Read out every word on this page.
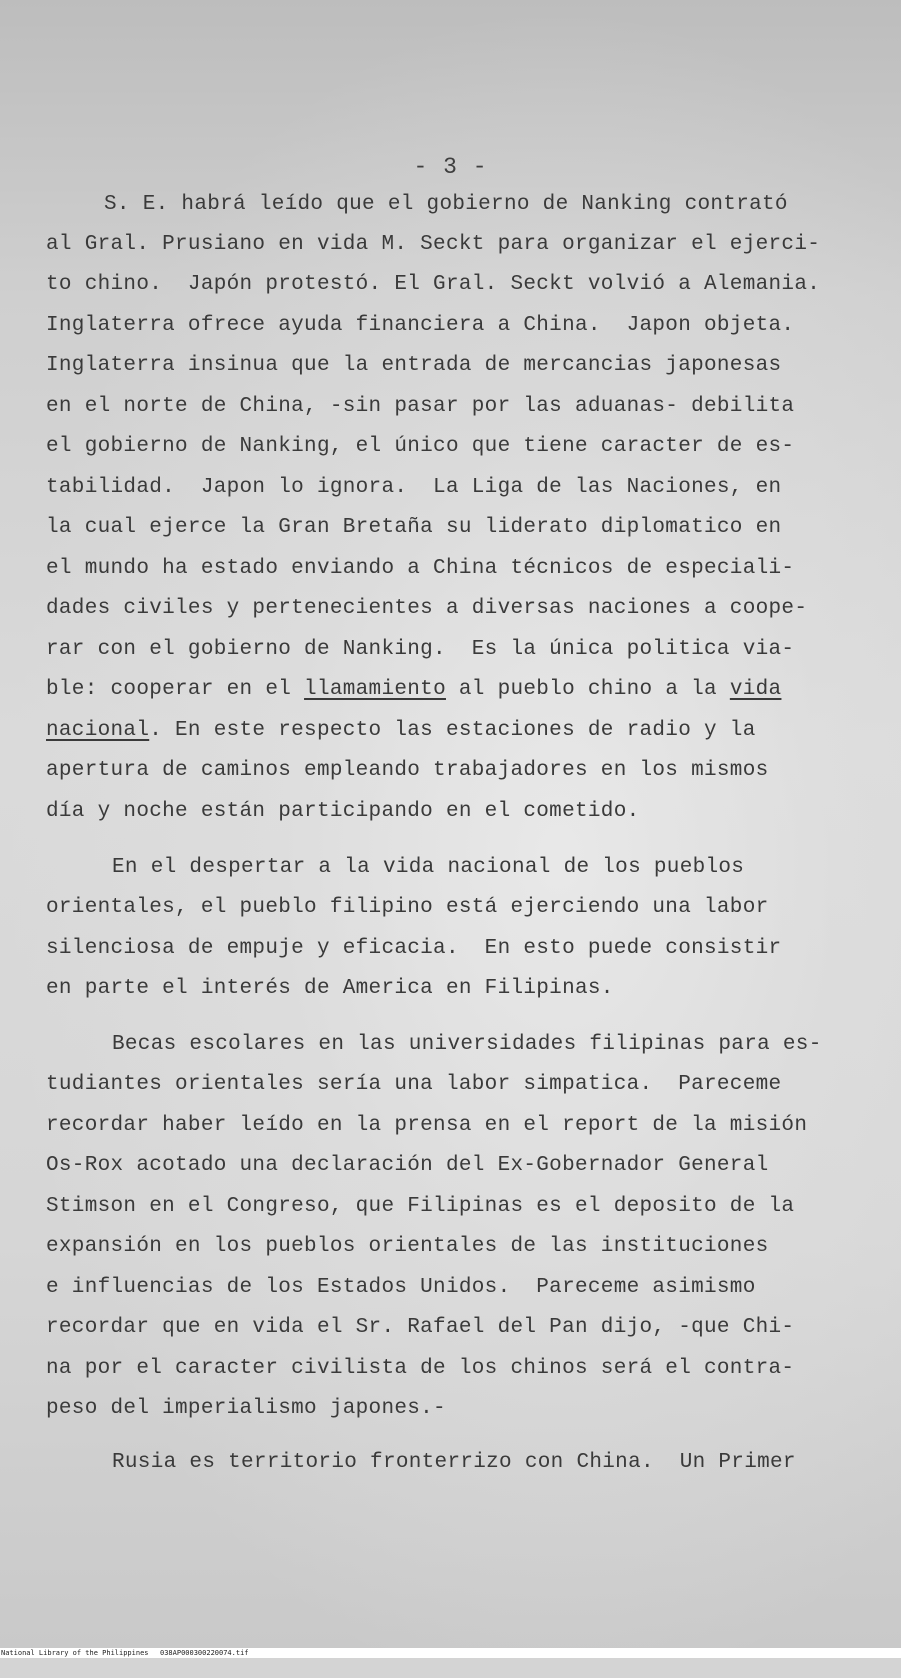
- 3 -

S. E. habrá leído que el gobierno de Nanking contrató

al Gral. Prusiano en vida M. Seckt para organizar el ejerci-

to chino.  Japón protestó. El Gral. Seckt volvió a Alemania.

Inglaterra ofrece ayuda financiera a China.  Japon objeta.

Inglaterra insinua que la entrada de mercancias japonesas

en el norte de China, -sin pasar por las aduanas- debilita

el gobierno de Nanking, el único que tiene caracter de es-

tabilidad.  Japon lo ignora.  La Liga de las Naciones, en

la cual ejerce la Gran Bretaña su liderato diplomatico en

el mundo ha estado enviando a China técnicos de especiali-

dades civiles y pertenecientes a diversas naciones a coope-

rar con el gobierno de Nanking.  Es la única politica via-

ble: cooperar en el llamamiento al pueblo chino a la vida

nacional. En este respecto las estaciones de radio y la

apertura de caminos empleando trabajadores en los mismos

día y noche están participando en el cometido.

En el despertar a la vida nacional de los pueblos

orientales, el pueblo filipino está ejerciendo una labor

silenciosa de empuje y eficacia.  En esto puede consistir

en parte el interés de America en Filipinas.

Becas escolares en las universidades filipinas para es-

tudiantes orientales sería una labor simpatica.  Pareceme

recordar haber leído en la prensa en el report de la misión

Os-Rox acotado una declaración del Ex-Gobernador General

Stimson en el Congreso, que Filipinas es el deposito de la

expansión en los pueblos orientales de las instituciones

e influencias de los Estados Unidos.  Pareceme asimismo

recordar que en vida el Sr. Rafael del Pan dijo, -que Chi-

na por el caracter civilista de los chinos será el contra-

peso del imperialismo japones.-

Rusia es territorio fronterrizo con China.  Un Primer

National Library of the Philippines

038AP000300220074.tif
